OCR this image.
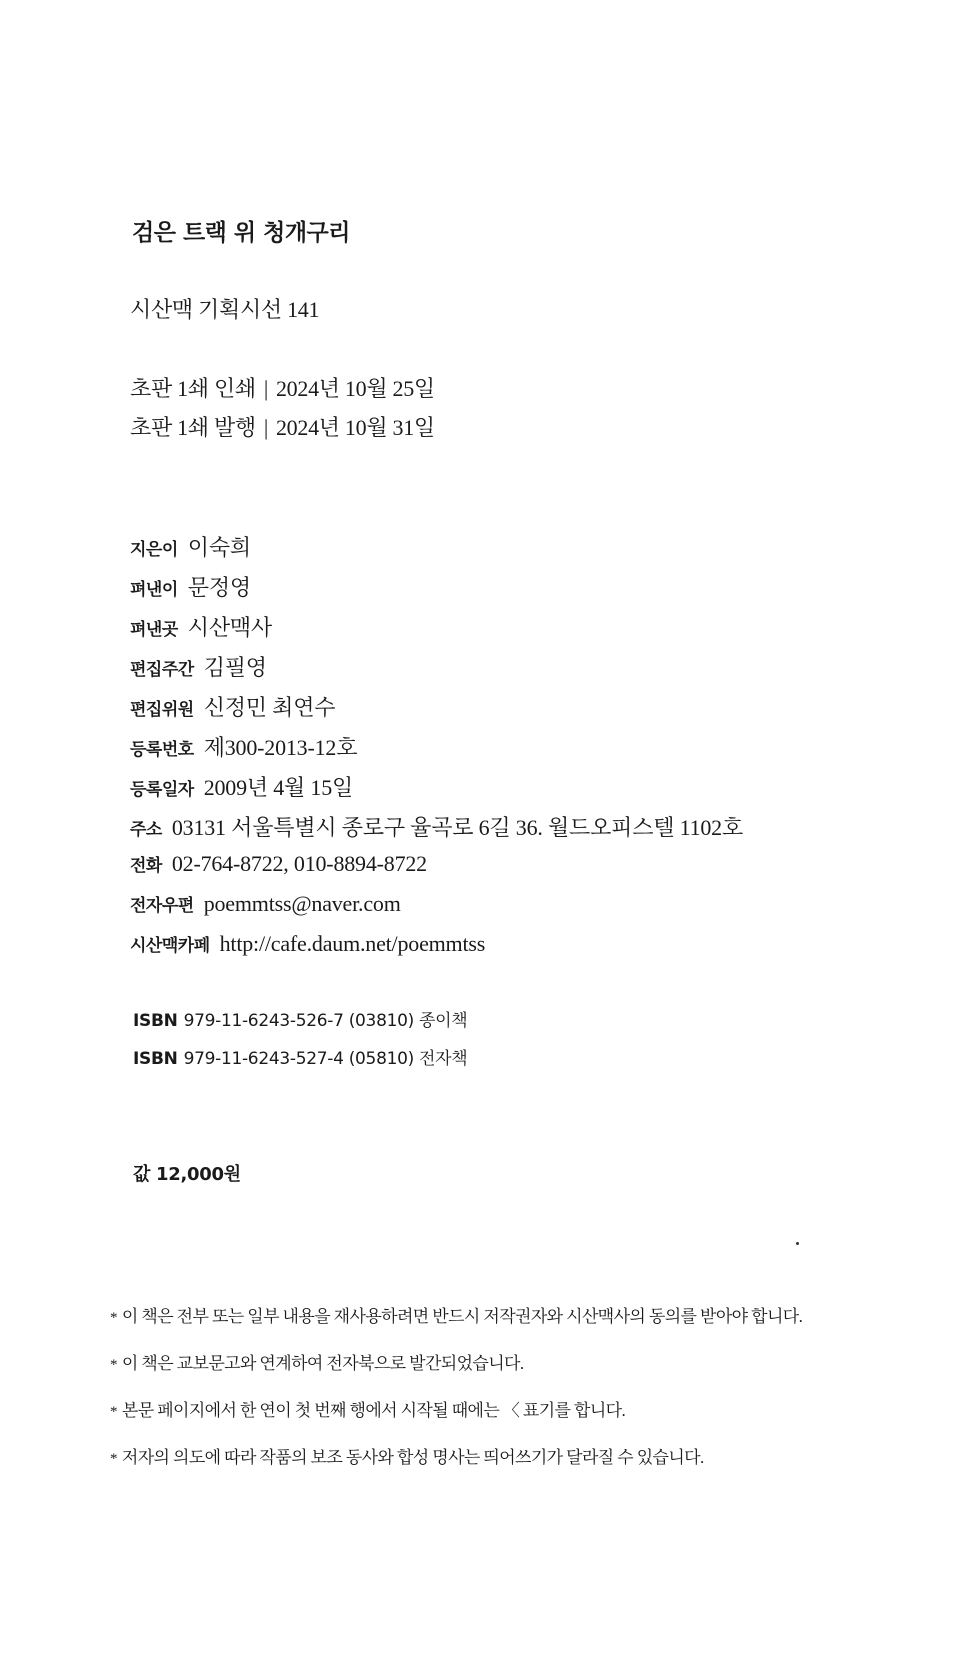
검은 트랙 위 청개구리
시산맥 기획시선 141
초판 1쇄 인쇄 | 2024년 10월 25일
초판 1쇄 발행 | 2024년 10월 31일
지은이 이숙희
펴낸이 문정영
펴낸곳 시산맥사
편집주간 김필영
편집위원 신정민 최연수
등록번호 제300-2013-12호
등록일자 2009년 4월 15일
주소 03131 서울특별시 종로구 율곡로 6길 36. 월드오피스텔 1102호
전화 02-764-8722, 010-8894-8722
전자우편 poemmtss@naver.com
시산맥카페 http://cafe.daum.net/poemmtss
ISBN 979-11-6243-526-7 (03810) 종이책
ISBN 979-11-6243-527-4 (05810) 전자책
값 12,000원
* 이 책은 전부 또는 일부 내용을 재사용하려면 반드시 저작권자와 시산맥사의 동의를 받아야 합니다.
* 이 책은 교보문고와 연계하여 전자북으로 발간되었습니다.
* 본문 페이지에서 한 연이 첫 번째 행에서 시작될 때에는 〈 표기를 합니다.
* 저자의 의도에 따라 작품의 보조 동사와 합성 명사는 띄어쓰기가 달라질 수 있습니다.
